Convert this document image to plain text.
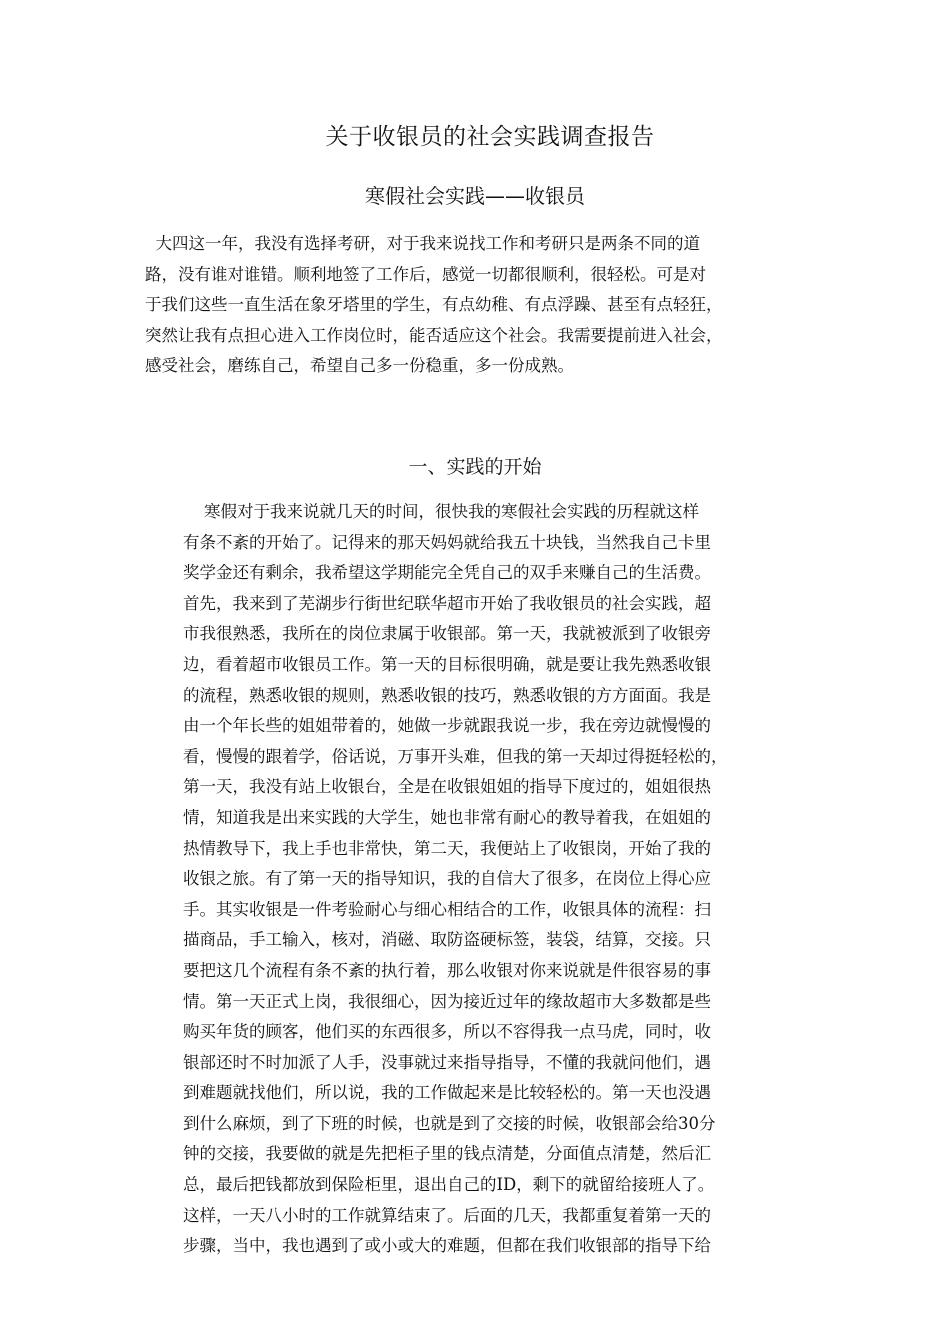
关于收银员的社会实践调查报告
寒假社会实践——收银员
大四这一年，我没有选择考研，对于我来说找工作和考研只是两条不同的道
路，没有谁对谁错。顺利地签了工作后，感觉一切都很顺利，很轻松。可是对
于我们这些一直生活在象牙塔里的学生，有点幼稚、有点浮躁、甚至有点轻狂，
突然让我有点担心进入工作岗位时，能否适应这个社会。我需要提前进入社会，
感受社会，磨练自己，希望自己多一份稳重，多一份成熟。
一、实践的开始
寒假对于我来说就几天的时间，很快我的寒假社会实践的历程就这样
有条不紊的开始了。记得来的那天妈妈就给我五十块钱，当然我自己卡里
奖学金还有剩余，我希望这学期能完全凭自己的双手来赚自己的生活费。
首先，我来到了芜湖步行街世纪联华超市开始了我收银员的社会实践，超
市我很熟悉，我所在的岗位隶属于收银部。第一天，我就被派到了收银旁
边，看着超市收银员工作。第一天的目标很明确，就是要让我先熟悉收银
的流程，熟悉收银的规则，熟悉收银的技巧，熟悉收银的方方面面。我是
由一个年长些的姐姐带着的，她做一步就跟我说一步，我在旁边就慢慢的
看，慢慢的跟着学，俗话说，万事开头难，但我的第一天却过得挺轻松的，
第一天，我没有站上收银台，全是在收银姐姐的指导下度过的，姐姐很热
情，知道我是出来实践的大学生，她也非常有耐心的教导着我，在姐姐的
热情教导下，我上手也非常快，第二天，我便站上了收银岗，开始了我的
收银之旅。有了第一天的指导知识，我的自信大了很多，在岗位上得心应
手。其实收银是一件考验耐心与细心相结合的工作，收银具体的流程：扫
描商品，手工输入，核对，消磁、取防盗硬标签，装袋，结算，交接。只
要把这几个流程有条不紊的执行着，那么收银对你来说就是件很容易的事
情。第一天正式上岗，我很细心，因为接近过年的缘故超市大多数都是些
购买年货的顾客，他们买的东西很多，所以不容得我一点马虎，同时，收
银部还时不时加派了人手，没事就过来指导指导，不懂的我就问他们，遇
到难题就找他们，所以说，我的工作做起来是比较轻松的。第一天也没遇
到什么麻烦，到了下班的时候，也就是到了交接的时候，收银部会给30分
钟的交接，我要做的就是先把柜子里的钱点清楚，分面值点清楚，然后汇
总，最后把钱都放到保险柜里，退出自己的ID，剩下的就留给接班人了。
这样，一天八小时的工作就算结束了。后面的几天，我都重复着第一天的
步骤，当中，我也遇到了或小或大的难题，但都在我们收银部的指导下给
